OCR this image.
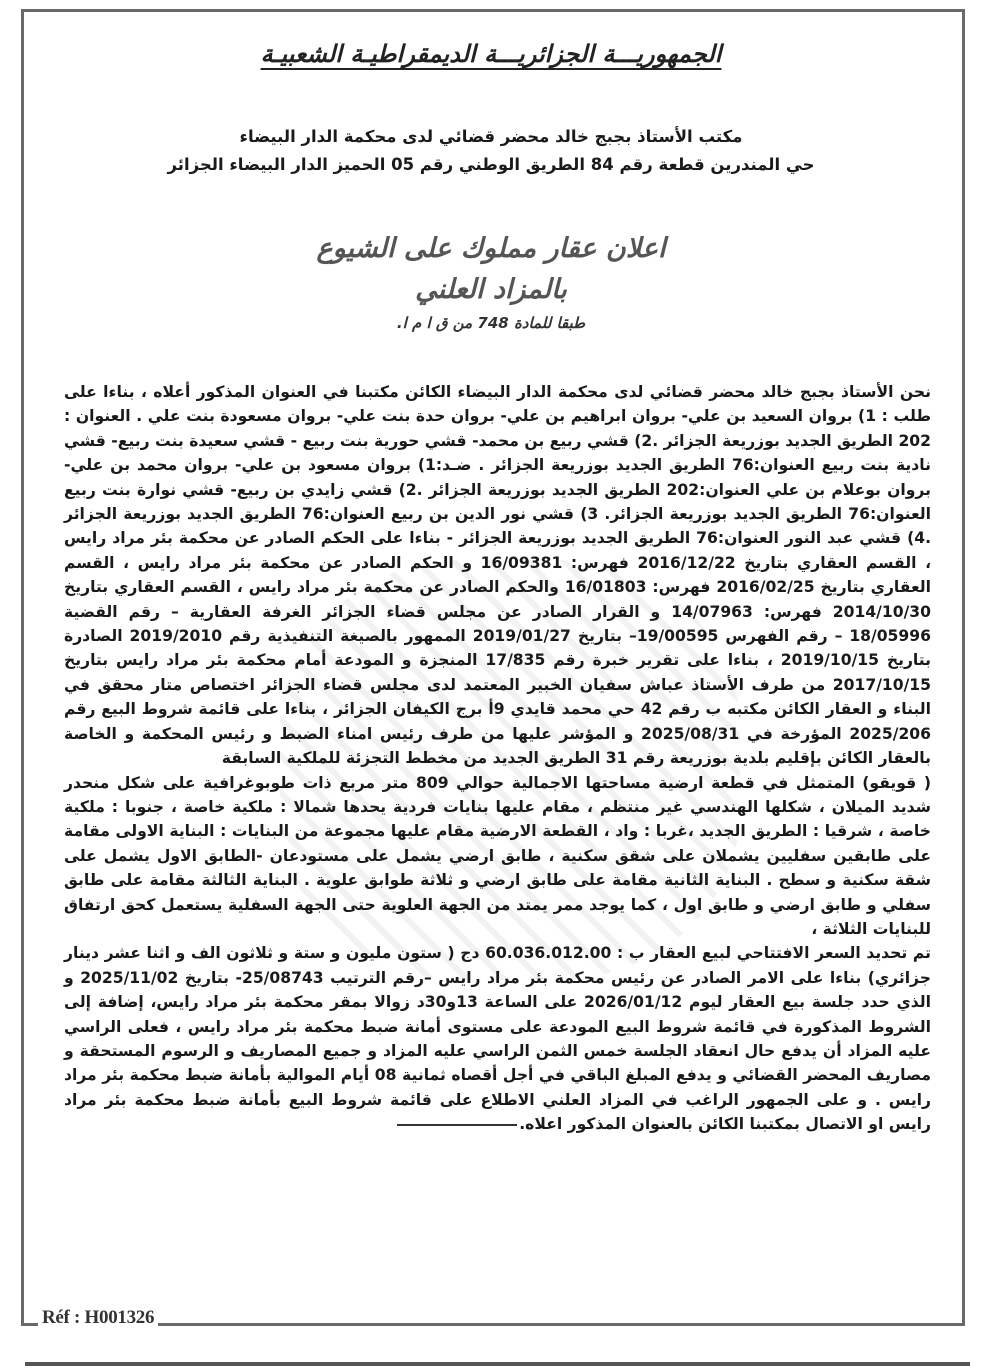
الجمهوريـــة الجزائريـــة الديمقراطيـة الشعبيـة
مكتب الأستاذ بجبج خالد محضر قضائي لدى محكمة الدار البيضاء
حي المندرين قطعة رقم 84 الطريق الوطني رقم 05 الحميز الدار البيضاء الجزائر
اعلان عقار مملوك على الشيوع
بالمزاد العلني
طبقا للمادة 748 من ق ا م ا.

نحن الأستاذ بجبج خالد محضر قضائي لدى محكمة الدار البيضاء الكائن مكتبنا في العنوان المذكور أعلاه ، بناءا على طلب : 1) بروان السعيد بن علي- بروان ابراهيم بن علي- بروان حدة بنت علي- بروان مسعودة بنت علي . العنوان : 202 الطريق الجديد بوزريعة الجزائر .2) قشي ربيع بن محمد- قشي حورية بنت ربيع - قشي سعيدة بنت ربيع- قشي نادية بنت ربيع العنوان:76 الطريق الجديد بوزريعة الجزائر . ضـد:1) بروان مسعود بن علي- بروان محمد بن علي- بروان بوعلام بن علي العنوان:202 الطريق الجديد بوزريعة الجزائر .2) قشي زايدي بن ربيع- قشي نوارة بنت ربيع العنوان:76 الطريق الجديد بوزريعة الجزائر. 3) قشي نور الدين بن ربيع العنوان:76 الطريق الجديد بوزريعة الجزائر .4) قشي عبد النور العنوان:76 الطريق الجديد بوزريعة الجزائر - بناءا على الحكم الصادر عن محكمة بئر مراد رايس ، القسم العقاري بتاريخ 2016/12/22 فهرس: 16/09381 و الحكم الصادر عن محكمة بئر مراد رايس ، القسم العقاري بتاريخ 2016/02/25 فهرس: 16/01803 والحكم الصادر عن محكمة بئر مراد رايس ، القسم العقاري بتاريخ 2014/10/30 فهرس: 14/07963 و القرار الصادر عن مجلس قضاء الجزائر الغرفة العقارية – رقم القضية 18/05996 – رقم الفهرس 19/00595– بتاريخ 2019/01/27 الممهور بالصيغة التنفيذية رقم 2019/2010 الصادرة بتاريخ 2019/10/15 ، بناءا على تقرير خبرة رقم 17/835 المنجزة و المودعة أمام محكمة بئر مراد رايس بتاريخ 2017/10/15 من طرف الأستاذ عباش سفيان الخبير المعتمد لدى مجلس قضاء الجزائر اختصاص متار محقق في البناء و العقار الكائن مكتبه ب رقم 42 حي محمد قايدي 9أ برج الكيفان الجزائر ، بناءا على قائمة شروط البيع رقم 2025/206 المؤرخة في 2025/08/31 و المؤشر عليها من طرف رئيس امناء الضبط و رئيس المحكمة و الخاصة بالعقار الكائن بإقليم بلدية بوزريعة رقم 31 الطريق الجديد من مخطط التجزئة للملكية السابقة

( قويقو) المتمثل في قطعة ارضية مساحتها الاجمالية حوالي 809 متر مربع ذات طوبوغرافية على شكل منحدر شديد الميلان ، شكلها الهندسي غير منتظم ، مقام عليها بنايات فردية يحدها شمالا : ملكية خاصة ، جنوبا : ملكية خاصة ، شرقيا : الطريق الجديد ،غربا : واد ، القطعة الارضية مقام عليها مجموعة من البنايات : البناية الاولى مقامة على طابقين سفليين يشملان على شقق سكنية ، طابق ارضي يشمل على مستودعان -الطابق الاول يشمل على شقة سكنية و سطح . البناية الثانية مقامة على طابق ارضي و ثلاثة طوابق علوية . البناية الثالثة مقامة على طابق سفلي و طابق ارضي و طابق اول ، كما يوجد ممر يمتد من الجهة العلوية حتى الجهة السفلية يستعمل كحق ارتفاق للبنايات الثلاثة ،

تم تحديد السعر الافتتاحي لبيع العقار ب : 60.036.012.00 دج ( ستون مليون و ستة و ثلاثون الف و اثنا عشر دينار جزائري) بناءا على الامر الصادر عن رئيس محكمة بئر مراد رايس –رقم الترتيب 25/08743- بتاريخ 2025/11/02 و الذي حدد جلسة بيع العقار ليوم 2026/01/12 على الساعة 13و30د زوالا بمقر محكمة بئر مراد رايس، إضافة إلى الشروط المذكورة في قائمة شروط البيع المودعة على مستوى أمانة ضبط محكمة بئر مراد رايس ، فعلى الراسي عليه المزاد أن يدفع حال انعقاد الجلسة خمس الثمن الراسي عليه المزاد و جميع المصاريف و الرسوم المستحقة و مصاريف المحضر القضائي و يدفع المبلغ الباقي في أجل أقصاه ثمانية 08 أيام الموالية بأمانة ضبط محكمة بئر مراد رايس . و على الجمهور الراغب في المزاد العلني الاطلاع على قائمة شروط البيع بأمانة ضبط محكمة بئر مراد رايس او الاتصال بمكتبنا الكائن بالعنوان المذكور اعلاه.

Réf : H001326
